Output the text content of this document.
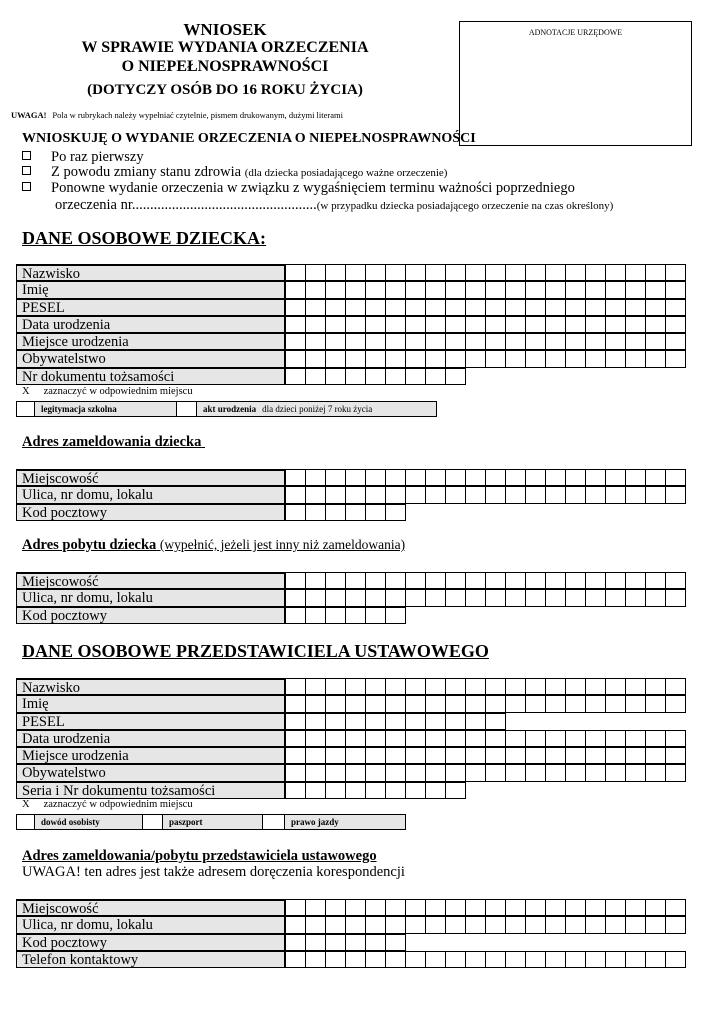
WNIOSEK
W SPRAWIE WYDANIA ORZECZENIA
O NIEPEŁNOSPRAWNOŚCI
(DOTYCZY OSÓB DO 16 ROKU ŻYCIA)
ADNOTACJE URZĘDOWE
UWAGA! Pola w rubrykach należy wypełniać czytelnie, pismem drukowanym, dużymi literami
WNIOSKUJĘ O WYDANIE ORZECZENIA O NIEPEŁNOSPRAWNOŚCI
Po raz pierwszy
Z powodu zmiany stanu zdrowia (dla dziecka posiadającego ważne orzeczenie)
Ponowne wydanie orzeczenia w związku z wygaśnięciem terminu ważności poprzedniego
orzeczenia nr...................................................(w przypadku dziecka posiadającego orzeczenie na czas określony)
DANE OSOBOWE DZIECKA:
Nazwisko
Imię
PESEL
Data urodzenia
Miejsce urodzenia
Obywatelstwo
Nr dokumentu tożsamości
X zaznaczyć w odpowiednim miejscu
legitymacja szkolna	akt urodzenia dla dzieci poniżej 7 roku życia
Adres zameldowania dziecka
Miejscowość
Ulica, nr domu, lokalu
Kod pocztowy
Adres pobytu dziecka (wypełnić, jeżeli jest inny niż zameldowania)
Miejscowość
Ulica, nr domu, lokalu
Kod pocztowy
DANE OSOBOWE PRZEDSTAWICIELA USTAWOWEGO
Nazwisko
Imię
PESEL
Data urodzenia
Miejsce urodzenia
Obywatelstwo
Seria i Nr dokumentu tożsamości
X zaznaczyć w odpowiednim miejscu
dowód osobisty	paszport	prawo jazdy
Adres zameldowania/pobytu przedstawiciela ustawowego
UWAGA! ten adres jest także adresem doręczenia korespondencji
Miejscowość
Ulica, nr domu, lokalu
Kod pocztowy
Telefon kontaktowy
